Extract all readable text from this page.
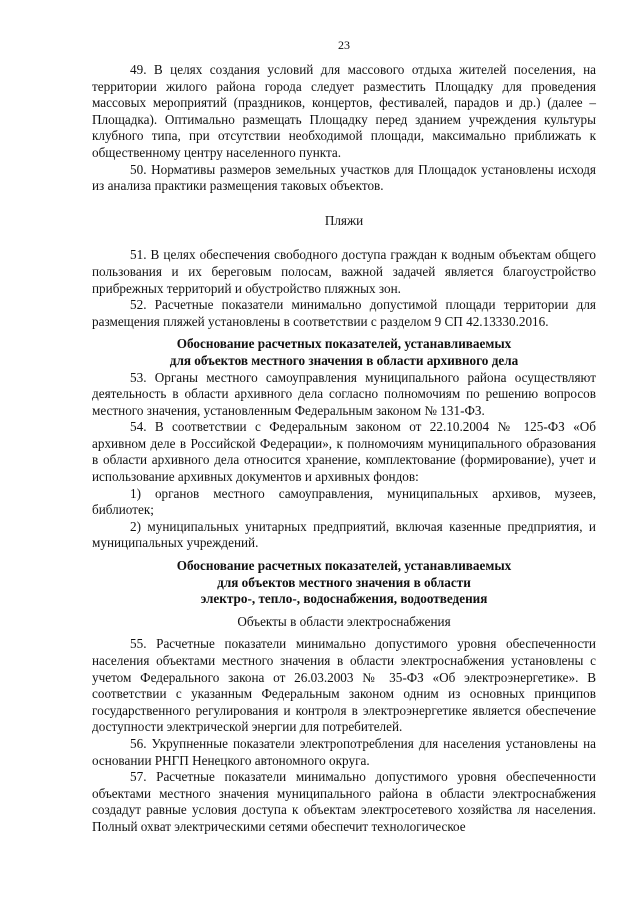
23

49. В целях создания условий для массового отдыха жителей поселения, на территории жилого района города следует разместить Площадку для проведения массовых мероприятий (праздников, концертов, фестивалей, парадов и др.) (далее – Площадка). Оптимально размещать Площадку перед зданием учреждения культуры клубного типа, при отсутствии необходимой площади, максимально приближать к общественному центру населенного пункта.

50. Нормативы размеров земельных участков для Площадок установлены исходя из анализа практики размещения таковых объектов.

Пляжи

51. В целях обеспечения свободного доступа граждан к водным объектам общего пользования и их береговым полосам, важной задачей является благоустройство прибрежных территорий и обустройство пляжных зон.

52. Расчетные показатели минимально допустимой площади территории для размещения пляжей установлены в соответствии с разделом 9 СП 42.13330.2016.

Обоснование расчетных показателей, устанавливаемых

для объектов местного значения в области архивного дела

53. Органы местного самоуправления муниципального района осуществляют деятельность в области архивного дела согласно полномочиям по решению вопросов местного значения, установленным Федеральным законом № 131-ФЗ.

54. В соответствии с Федеральным законом от 22.10.2004 № 125-ФЗ «Об архивном деле в Российской Федерации», к полномочиям муниципального образования в области архивного дела относится хранение, комплектование (формирование), учет и использование архивных документов и архивных фондов:

1) органов местного самоуправления, муниципальных архивов, музеев, библиотек;

2) муниципальных унитарных предприятий, включая казенные предприятия, и муниципальных учреждений.

Обоснование расчетных показателей, устанавливаемых

для объектов местного значения в области

электро-, тепло-, водоснабжения, водоотведения

Объекты в области электроснабжения

55. Расчетные показатели минимально допустимого уровня обеспеченности населения объектами местного значения в области электроснабжения установлены с учетом Федерального закона от 26.03.2003 № 35-ФЗ «Об электроэнергетике». В соответствии с указанным Федеральным законом одним из основных принципов государственного регулирования и контроля в электроэнергетике является обеспечение доступности электрической энергии для потребителей.

56. Укрупненные показатели электропотребления для населения установлены на основании РНГП Ненецкого автономного округа.

57. Расчетные показатели минимально допустимого уровня обеспеченности объектами местного значения муниципального района в области электроснабжения создадут равные условия доступа к объектам электросетевого хозяйства ля населения. Полный охват электрическими сетями обеспечит технологическое
